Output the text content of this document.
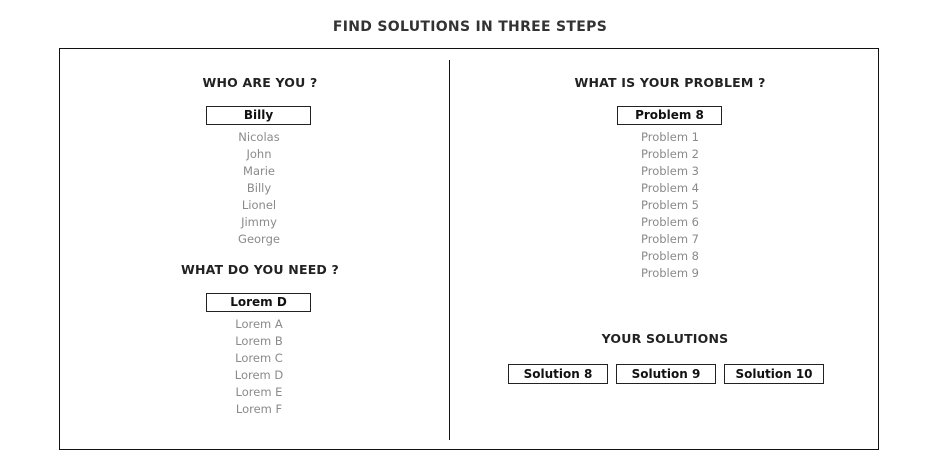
FIND SOLUTIONS IN THREE STEPS
WHO ARE YOU ?
Billy
Nicolas
John
Marie
Billy
Lionel
Jimmy
George
WHAT DO YOU NEED ?
Lorem D
Lorem A
Lorem B
Lorem C
Lorem D
Lorem E
Lorem F
WHAT IS YOUR PROBLEM ?
Problem 8
Problem 1
Problem 2
Problem 3
Problem 4
Problem 5
Problem 6
Problem 7
Problem 8
Problem 9
YOUR SOLUTIONS
Solution 8	Solution 9	Solution 10
